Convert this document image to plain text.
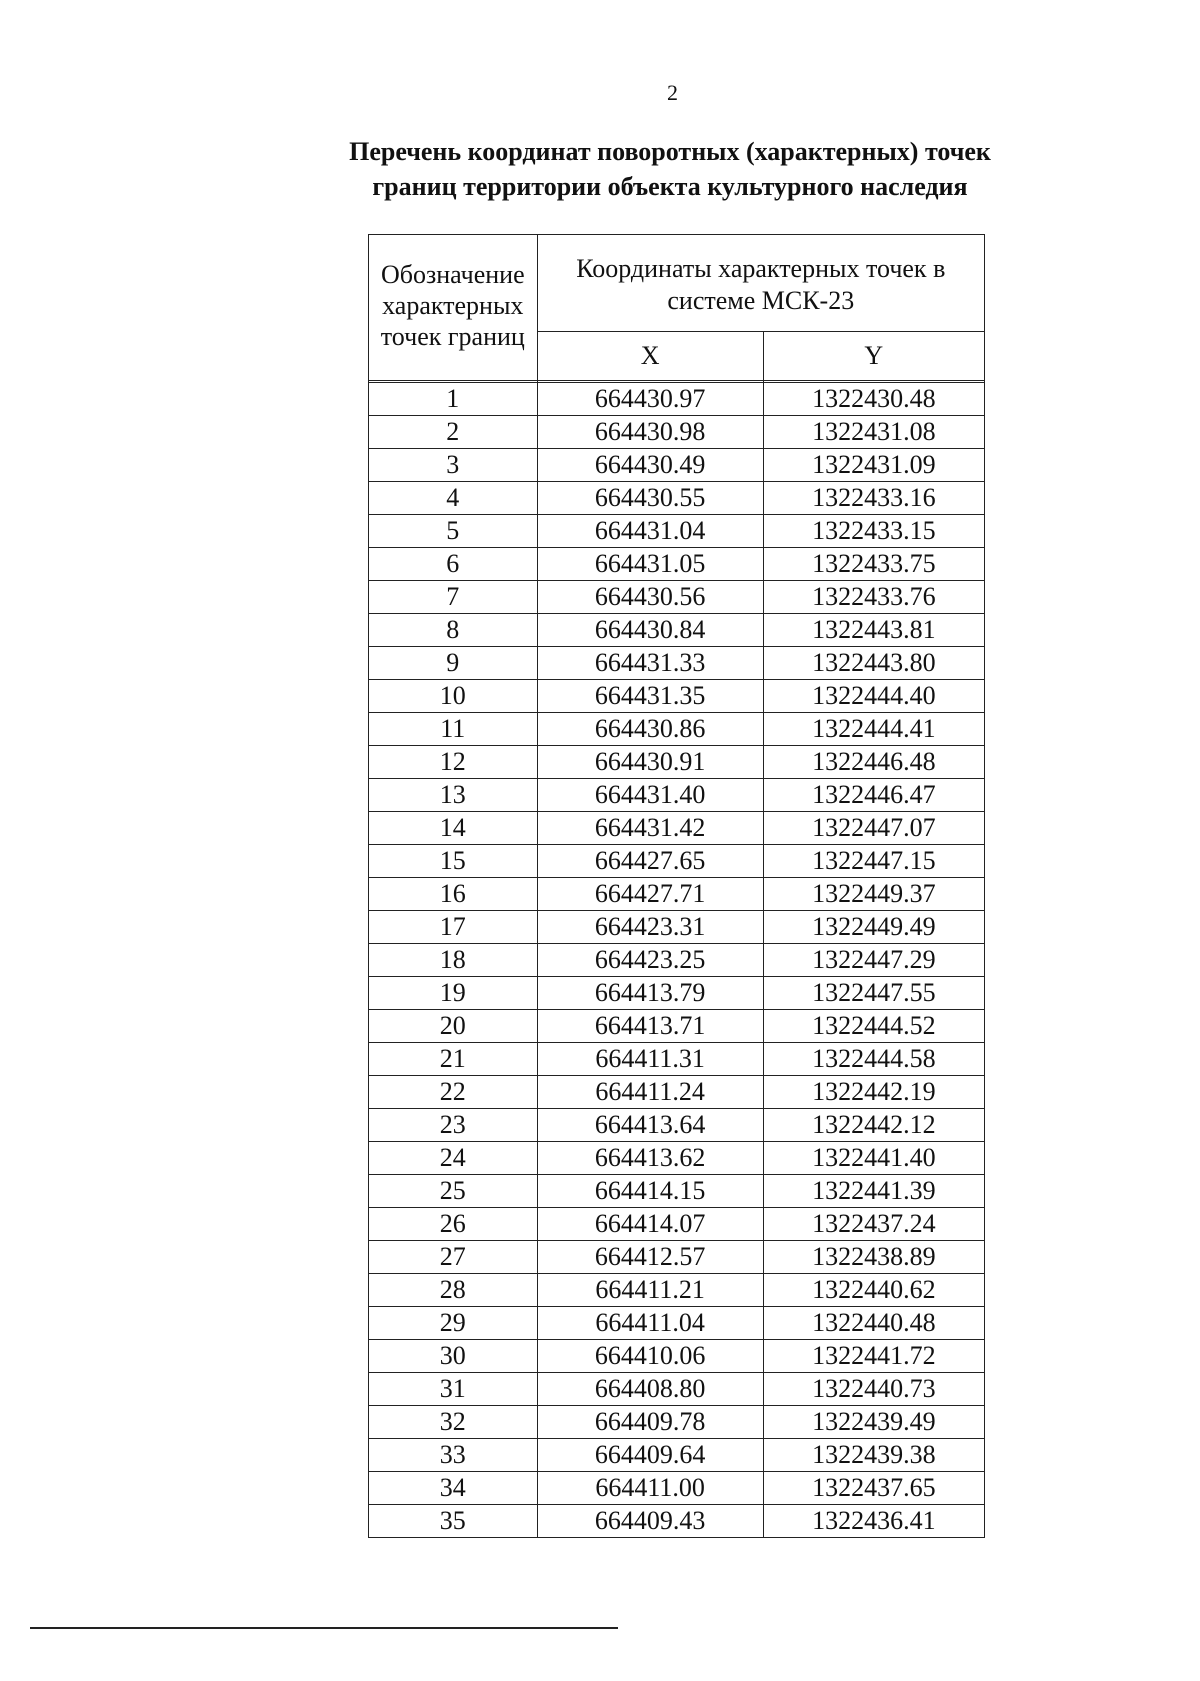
2
Перечень координат поворотных (характерных) точек
границ территории объекта культурного наследия
Обозначение характерных точек границ	Координаты характерных точек в системе МСК-23	
	X	Y

1	664430.97	1322430.48
2	664430.98	1322431.08
3	664430.49	1322431.09
4	664430.55	1322433.16
5	664431.04	1322433.15
6	664431.05	1322433.75
7	664430.56	1322433.76
8	664430.84	1322443.81
9	664431.33	1322443.80
10	664431.35	1322444.40
11	664430.86	1322444.41
12	664430.91	1322446.48
13	664431.40	1322446.47
14	664431.42	1322447.07
15	664427.65	1322447.15
16	664427.71	1322449.37
17	664423.31	1322449.49
18	664423.25	1322447.29
19	664413.79	1322447.55
20	664413.71	1322444.52
21	664411.31	1322444.58
22	664411.24	1322442.19
23	664413.64	1322442.12
24	664413.62	1322441.40
25	664414.15	1322441.39
26	664414.07	1322437.24
27	664412.57	1322438.89
28	664411.21	1322440.62
29	664411.04	1322440.48
30	664410.06	1322441.72
31	664408.80	1322440.73
32	664409.78	1322439.49
33	664409.64	1322439.38
34	664411.00	1322437.65
35	664409.43	1322436.41
